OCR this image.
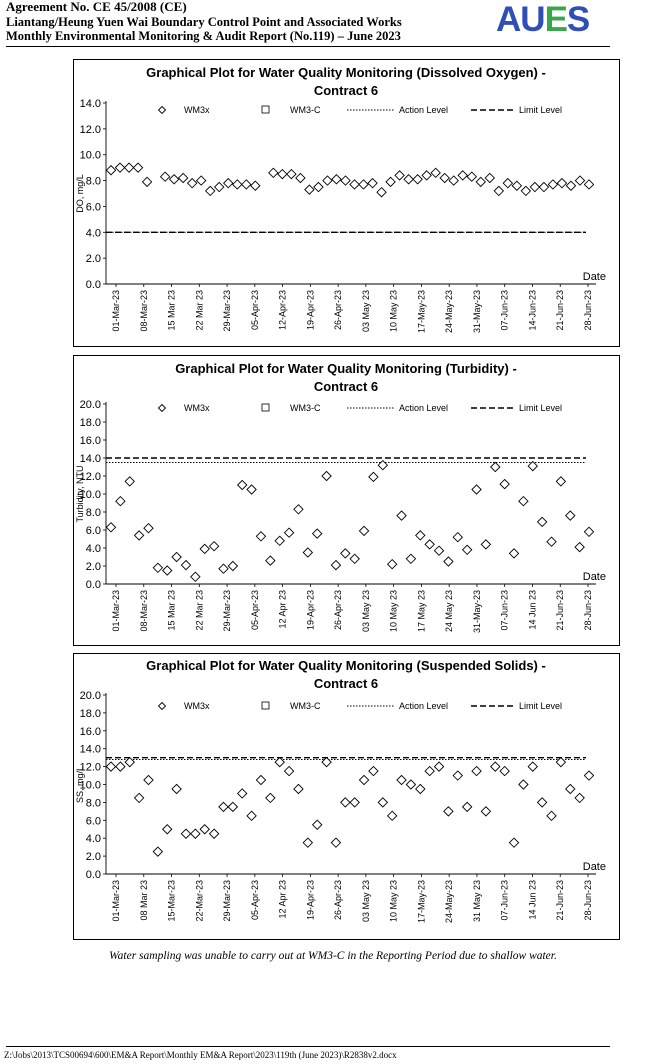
Agreement No. CE 45/2008 (CE)
Liantang/Heung Yuen Wai Boundary Control Point and Associated Works
Monthly Environmental Monitoring & Audit Report (No.119) – June 2023	AUES
Graphical Plot for Water Quality Monitoring (Dissolved Oxygen) -
Contract 6
0.0
2.0
4.0
6.0
8.0
10.0
12.0
14.0
DO, mg/L
Date
01-Mar-23 08-Mar-23 15 Mar 23 22 Mar 23 29-Mar-23 05-Apr-23 12-Apr-23 19-Apr-23 26-Apr-23 03 May 23 10 May 23 17-May-23 24-May-23 31-May-23 07-Jun-23 14-Jun-23 21-Jun-23 28-Jun-23
WM3x	WM3-C	Action Level	Limit Level
Graphical Plot for Water Quality Monitoring (Turbidity) -
Contract 6
0.0
2.0
4.0
6.0
8.0
10.0
12.0
14.0
16.0
18.0
20.0
Turbidity, NTU
Date
01-Mar-23 08-Mar-23 15 Mar 23 22 Mar 23 29-Mar-23 05-Apr-23 12 Apr 23 19-Apr-23 26-Apr-23 03 May 23 10 May 23 17 May 23 24 May 23 31-May-23 07-Jun-23 14 Jun 23 21-Jun-23 28-Jun-23
WM3x	WM3-C	Action Level	Limit Level
Graphical Plot for Water Quality Monitoring (Suspended Solids) -
Contract 6
0.0
2.0
4.0
6.0
8.0
10.0
12.0
14.0
16.0
18.0
20.0
SS, mg/L
Date
01-Mar-23 08 Mar 23 15-Mar-23 22-Mar-23 29-Mar-23 05-Apr-23 12 Apr 23 19-Apr-23 26-Apr-23 03 May 23 10 May 23 17-May-23 24-May-23 31 May 23 07-Jun-23 14 Jun 23 21-Jun-23 28-Jun-23
WM3x	WM3-C	Action Level	Limit Level
Water sampling was unable to carry out at WM3-C in the Reporting Period due to shallow water.
Z:\Jobs\2013\TCS00694\600\EM&A Report\Monthly EM&A Report\2023\119th (June 2023)\R2838v2.docx
